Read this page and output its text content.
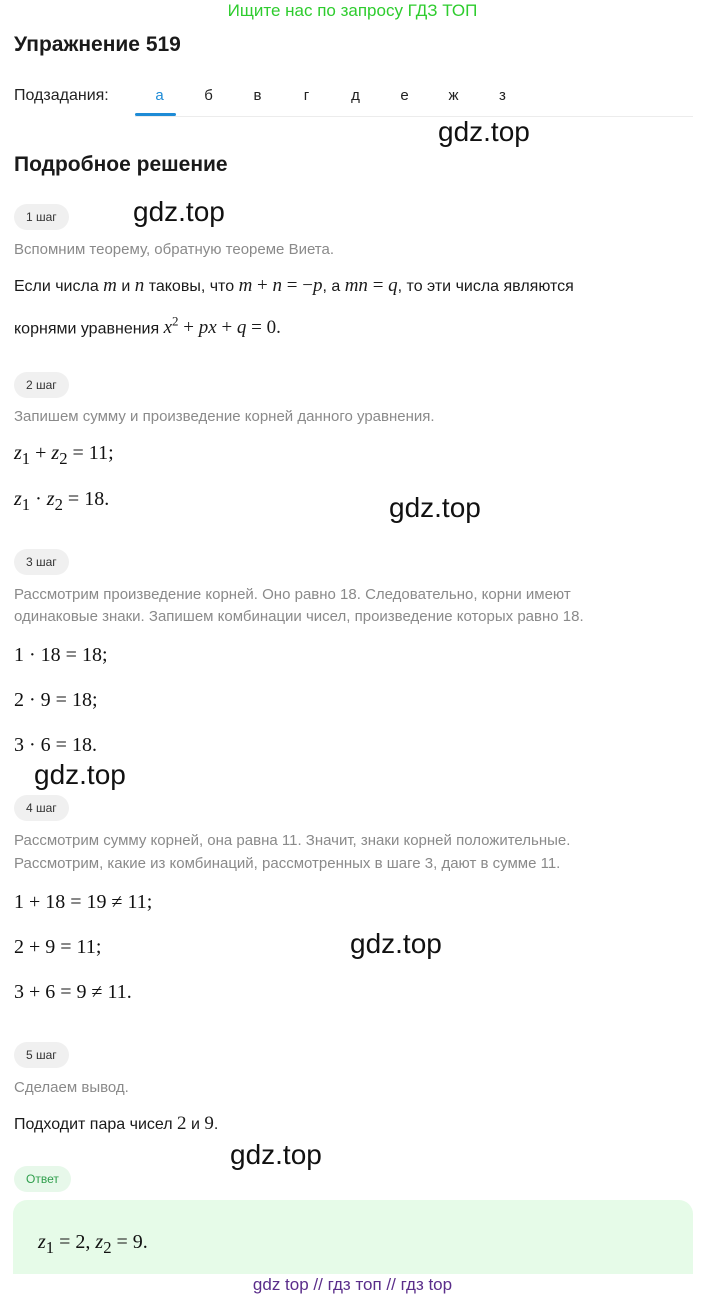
Ищите нас по запросу ГДЗ ТОП
Упражнение 519
Подзадания:	а	б	в	г	д	е	ж	з
gdz.top
Подробное решение
1 шаг	gdz.top
Вспомним теорему, обратную теореме Виета.
Если числа m и n таковы, что m + n = −p, а mn = q, то эти числа являются
корнями уравнения $x^2$ + px + q = 0.
2 шаг
Запишем сумму и произведение корней данного уравнения.
$z_1 + z_2 = 11$;
$z_1 \cdot z_2 = 18$.	gdz.top
3 шаг
Рассмотрим произведение корней. Оно равно 18. Следовательно, корни имеют
одинаковые знаки. Запишем комбинации чисел, произведение которых равно 18.
1 · 18 = 18;
2 · 9 = 18;
3 · 6 = 18.
gdz.top
4 шаг
Рассмотрим сумму корней, она равна 11. Значит, знаки корней положительные.
Рассмотрим, какие из комбинаций, рассмотренных в шаге 3, дают в сумме 11.
1 + 18 = 19 ≠ 11;
2 + 9 = 11;	gdz.top
3 + 6 = 9 ≠ 11.
5 шаг
Сделаем вывод.
Подходит пара чисел 2 и 9.
gdz.top
Ответ
$z_1 = 2$, $z_2 = 9$.
gdz top // гдз топ // гдз top
